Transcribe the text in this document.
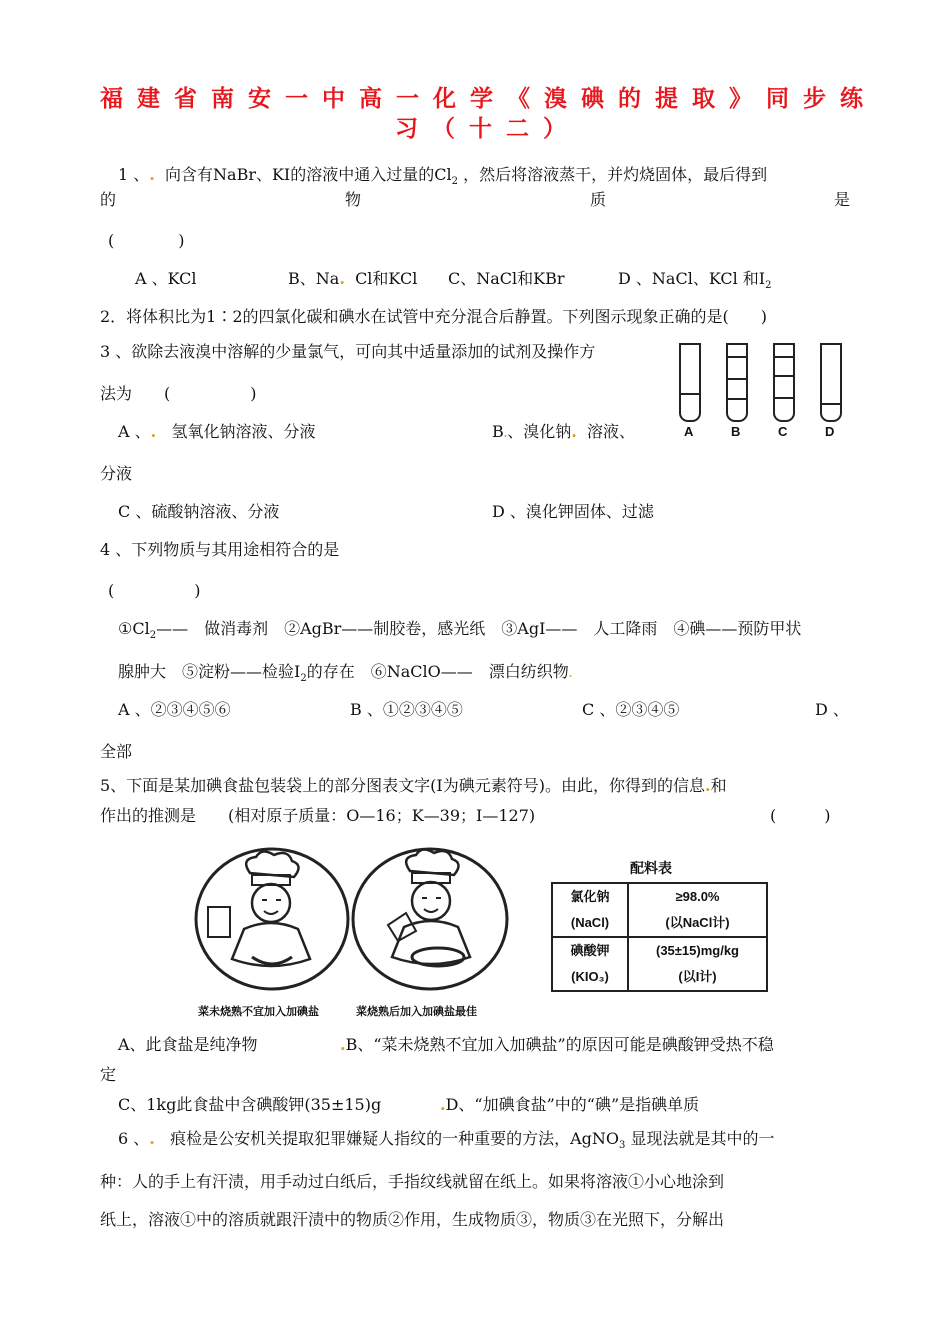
福建省南安一中高一化学《溴碘的提取》同步练
习（十二）
1 、. 向含有NaBr、KI的溶液中通入过量的$Cl_2$ ，然后将溶液蒸干，并灼烧固体，最后得到
的	物	质	是
(　　　　)
A 、KCl	B、Na. Cl和KCl C、NaCl和KBr	D 、NaCl、KCl 和$I_2$
2．将体积比为1∶2的四氯化碳和碘水在试管中充分混合后静置。下列图示现象正确的是(　　)
A	B	C	D
3 、欲除去液溴中溶解的少量氯气，可向其中适量添加的试剂及操作方
法为　　(　　　　　)
A 、. 氢氧化钠溶液、分液	B.、溴化钠. 溶液、
分液
C 、硫酸钠溶液、分液	D 、溴化钾固体、过滤
4 、下列物质与其用途相符合的是
(　　　　　)
$①Cl_2——$　做消毒剂　②AgBr——制胶卷，感光纸　③AgI——　人工降雨　④碘——预防甲状
腺肿大　⑤淀粉——检验$I_2$的存在　⑥NaClO——　漂白纺织物.
A 、②③④⑤⑥	B 、①②③④⑤	C 、②③④⑤	D 、
全部
5、下面是某加碘食盐包装袋上的部分图表文字(I为碘元素符号)。由此，你得到的信息.和
作出的推测是　　(相对原子质量：O—16；K—39；I—127)	(　　　)
菜未烧熟不宜加入加碘盐	菜烧熟后加入加碘盐最佳
配料表
氯化钠	≥98.0%
(NaCl)	(以NaCl计)
碘酸钾	(35±15)mg/kg
(KIO₃)	(以I计)
A、此食盐是纯净物	.B、“菜未烧熟不宜加入加碘盐”的原因可能是碘酸钾受热不稳
定
C、1kg此食盐中含碘酸钾(35±15)g	.D、“加碘食盐”中的“碘”是指碘单质
6 、. 痕检是公安机关提取犯罪嫌疑人指纹的一种重要的方法，AgNO$_3$ 显现法就是其中的一
种：人的手上有汗渍，用手动过白纸后，手指纹线就留在纸上。如果将溶液①小心地涂到
纸上，溶液①中的溶质就跟汗渍中的物质②作用，生成物质③，物质③在光照下，分解出
